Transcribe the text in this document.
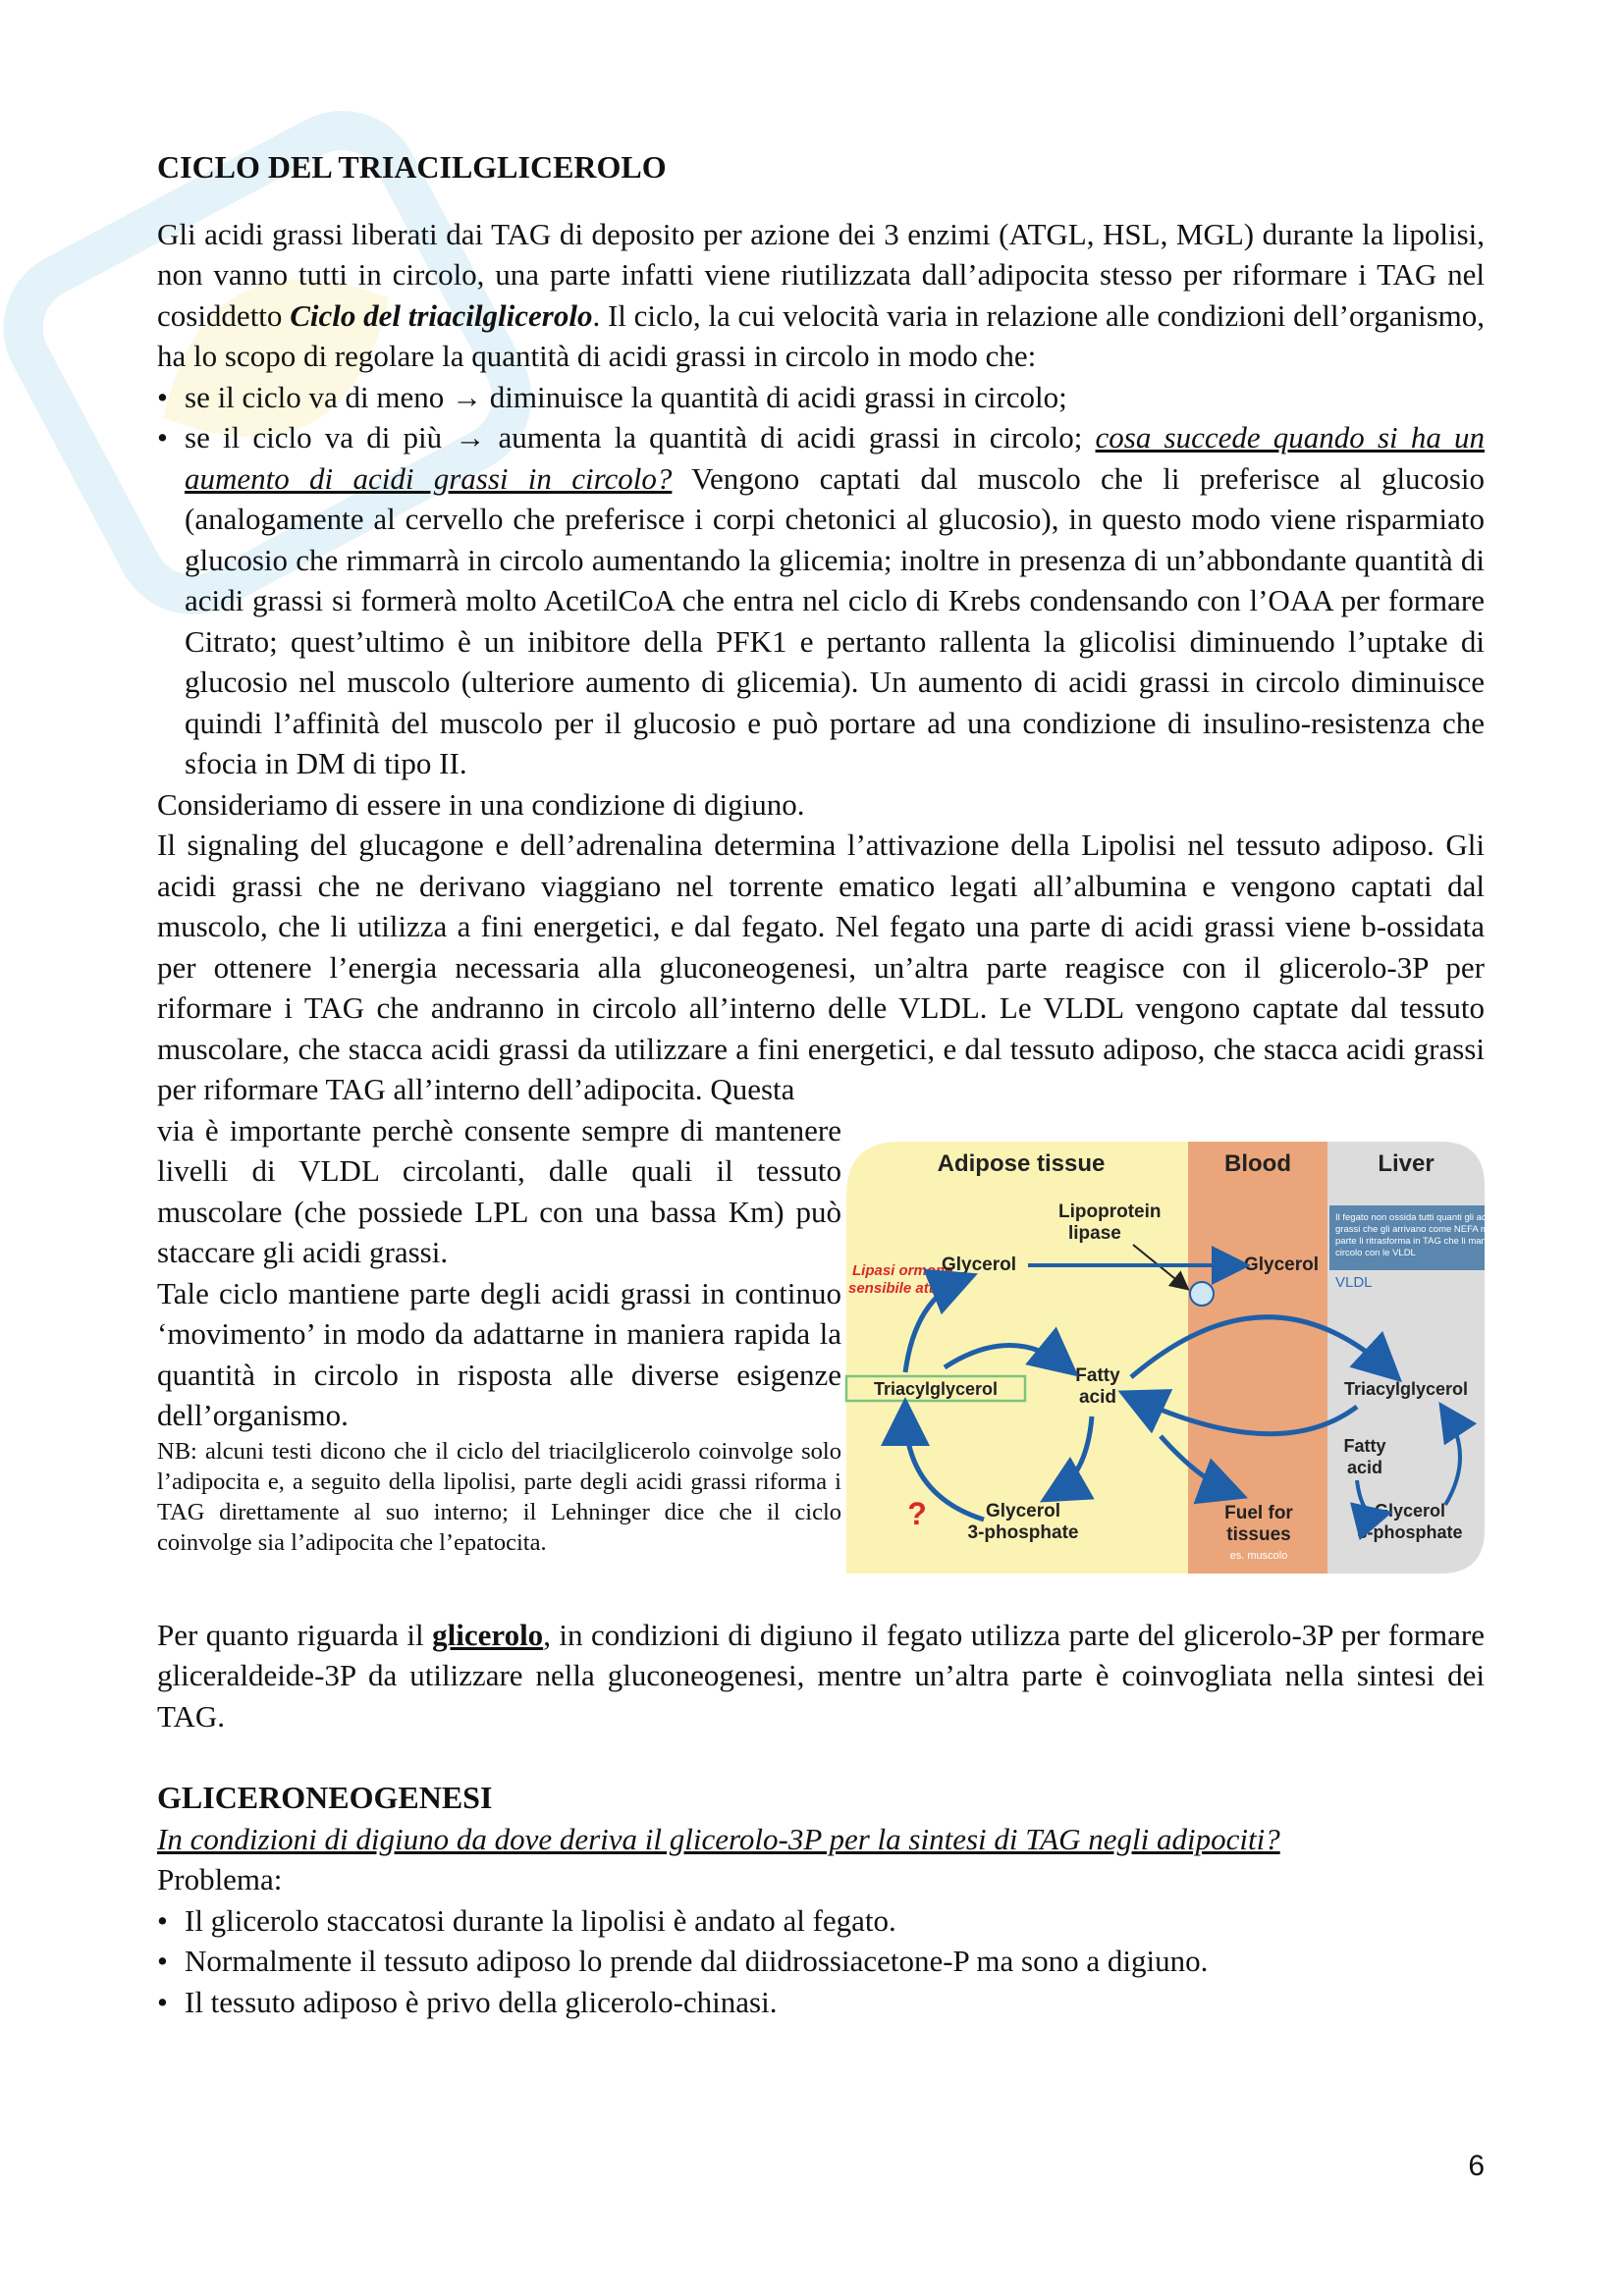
CICLO DEL TRIACILGLICEROLO

Gli acidi grassi liberati dai TAG di deposito per azione dei 3 enzimi (ATGL, HSL, MGL) durante la lipolisi, non vanno tutti in circolo, una parte infatti viene riutilizzata dall’adipocita stesso per riformare i TAG nel cosiddetto Ciclo del triacilglicerolo. Il ciclo, la cui velocità varia in relazione alle condizioni dell’organismo, ha lo scopo di regolare la quantità di acidi grassi in circolo in modo che:

• se il ciclo va di meno → diminuisce la quantità di acidi grassi in circolo;
• se il ciclo va di più → aumenta la quantità di acidi grassi in circolo; cosa succede quando si ha un aumento di acidi grassi in circolo? Vengono captati dal muscolo che li preferisce al glucosio (analogamente al cervello che preferisce i corpi chetonici al glucosio), in questo modo viene risparmiato glucosio che rimmarrà in circolo aumentando la glicemia; inoltre in presenza di un’abbondante quantità di acidi grassi si formerà molto AcetilCoA che entra nel ciclo di Krebs condensando con l’OAA per formare Citrato; quest’ultimo è un inibitore della PFK1 e pertanto rallenta la glicolisi diminuendo l’uptake di glucosio nel muscolo (ulteriore aumento di glicemia). Un aumento di acidi grassi in circolo diminuisce quindi l’affinità del muscolo per il glucosio e può portare ad una condizione di insulino-resistenza che sfocia in DM di tipo II.

Consideriamo di essere in una condizione di digiuno.

Il signaling del glucagone e dell’adrenalina determina l’attivazione della Lipolisi nel tessuto adiposo. Gli acidi grassi che ne derivano viaggiano nel torrente ematico legati all’albumina e vengono captati dal muscolo, che li utilizza a fini energetici, e dal fegato. Nel fegato una parte di acidi grassi viene b-ossidata per ottenere l’energia necessaria alla gluconeogenesi, un’altra parte reagisce con il glicerolo-3P per riformare i TAG che andranno in circolo all’interno delle VLDL. Le VLDL vengono captate dal tessuto muscolare, che stacca acidi grassi da utilizzare a fini energetici, e dal tessuto adiposo, che stacca acidi grassi per riformare TAG all’interno dell’adipocita. Questa

via è importante perchè consente sempre di mantenere livelli di VLDL circolanti, dalle quali il tessuto muscolare (che possiede LPL con una bassa Km) può staccare gli acidi grassi.

Tale ciclo mantiene parte degli acidi grassi in continuo ‘movimento’ in modo da adattarne in maniera rapida la quantità in circolo in risposta alle diverse esigenze dell’organismo.

NB: alcuni testi dicono che il ciclo del triacilglicerolo coinvolge solo l’adipocita e, a seguito della lipolisi, parte degli acidi grassi riforma i TAG direttamente al suo interno; il Lehninger dice che il ciclo coinvolge sia l’adipocita che l’epatocita.

Adipose tissue	Blood	Liver
Il fegato non ossida tutti quanti gli acidi
grassi che gli arrivano come NEFA ma una
parte li ritrasforma in TAG che li manda in
circolo con le VLDL
VLDL
Lipoprotein
lipase
Lipasi ormone
sensibile attiva
Glycerol	Glycerol
Triacylglycerol
Fatty
acid
?	Glycerol
3-phosphate
Fuel for
tissues
es. muscolo
Triacylglycerol
Fatty
acid
Glycerol
3-phosphate

Per quanto riguarda il glicerolo, in condizioni di digiuno il fegato utilizza parte del glicerolo-3P per formare gliceraldeide-3P da utilizzare nella gluconeogenesi, mentre un’altra parte è coinvogliata nella sintesi dei TAG.

GLICERONEOGENESI

In condizioni di digiuno da dove deriva il glicerolo-3P per la sintesi di TAG negli adipociti?

Problema:

• Il glicerolo staccatosi durante la lipolisi è andato al fegato.
• Normalmente il tessuto adiposo lo prende dal diidrossiacetone-P ma sono a digiuno.
• Il tessuto adiposo è privo della glicerolo-chinasi.
6
